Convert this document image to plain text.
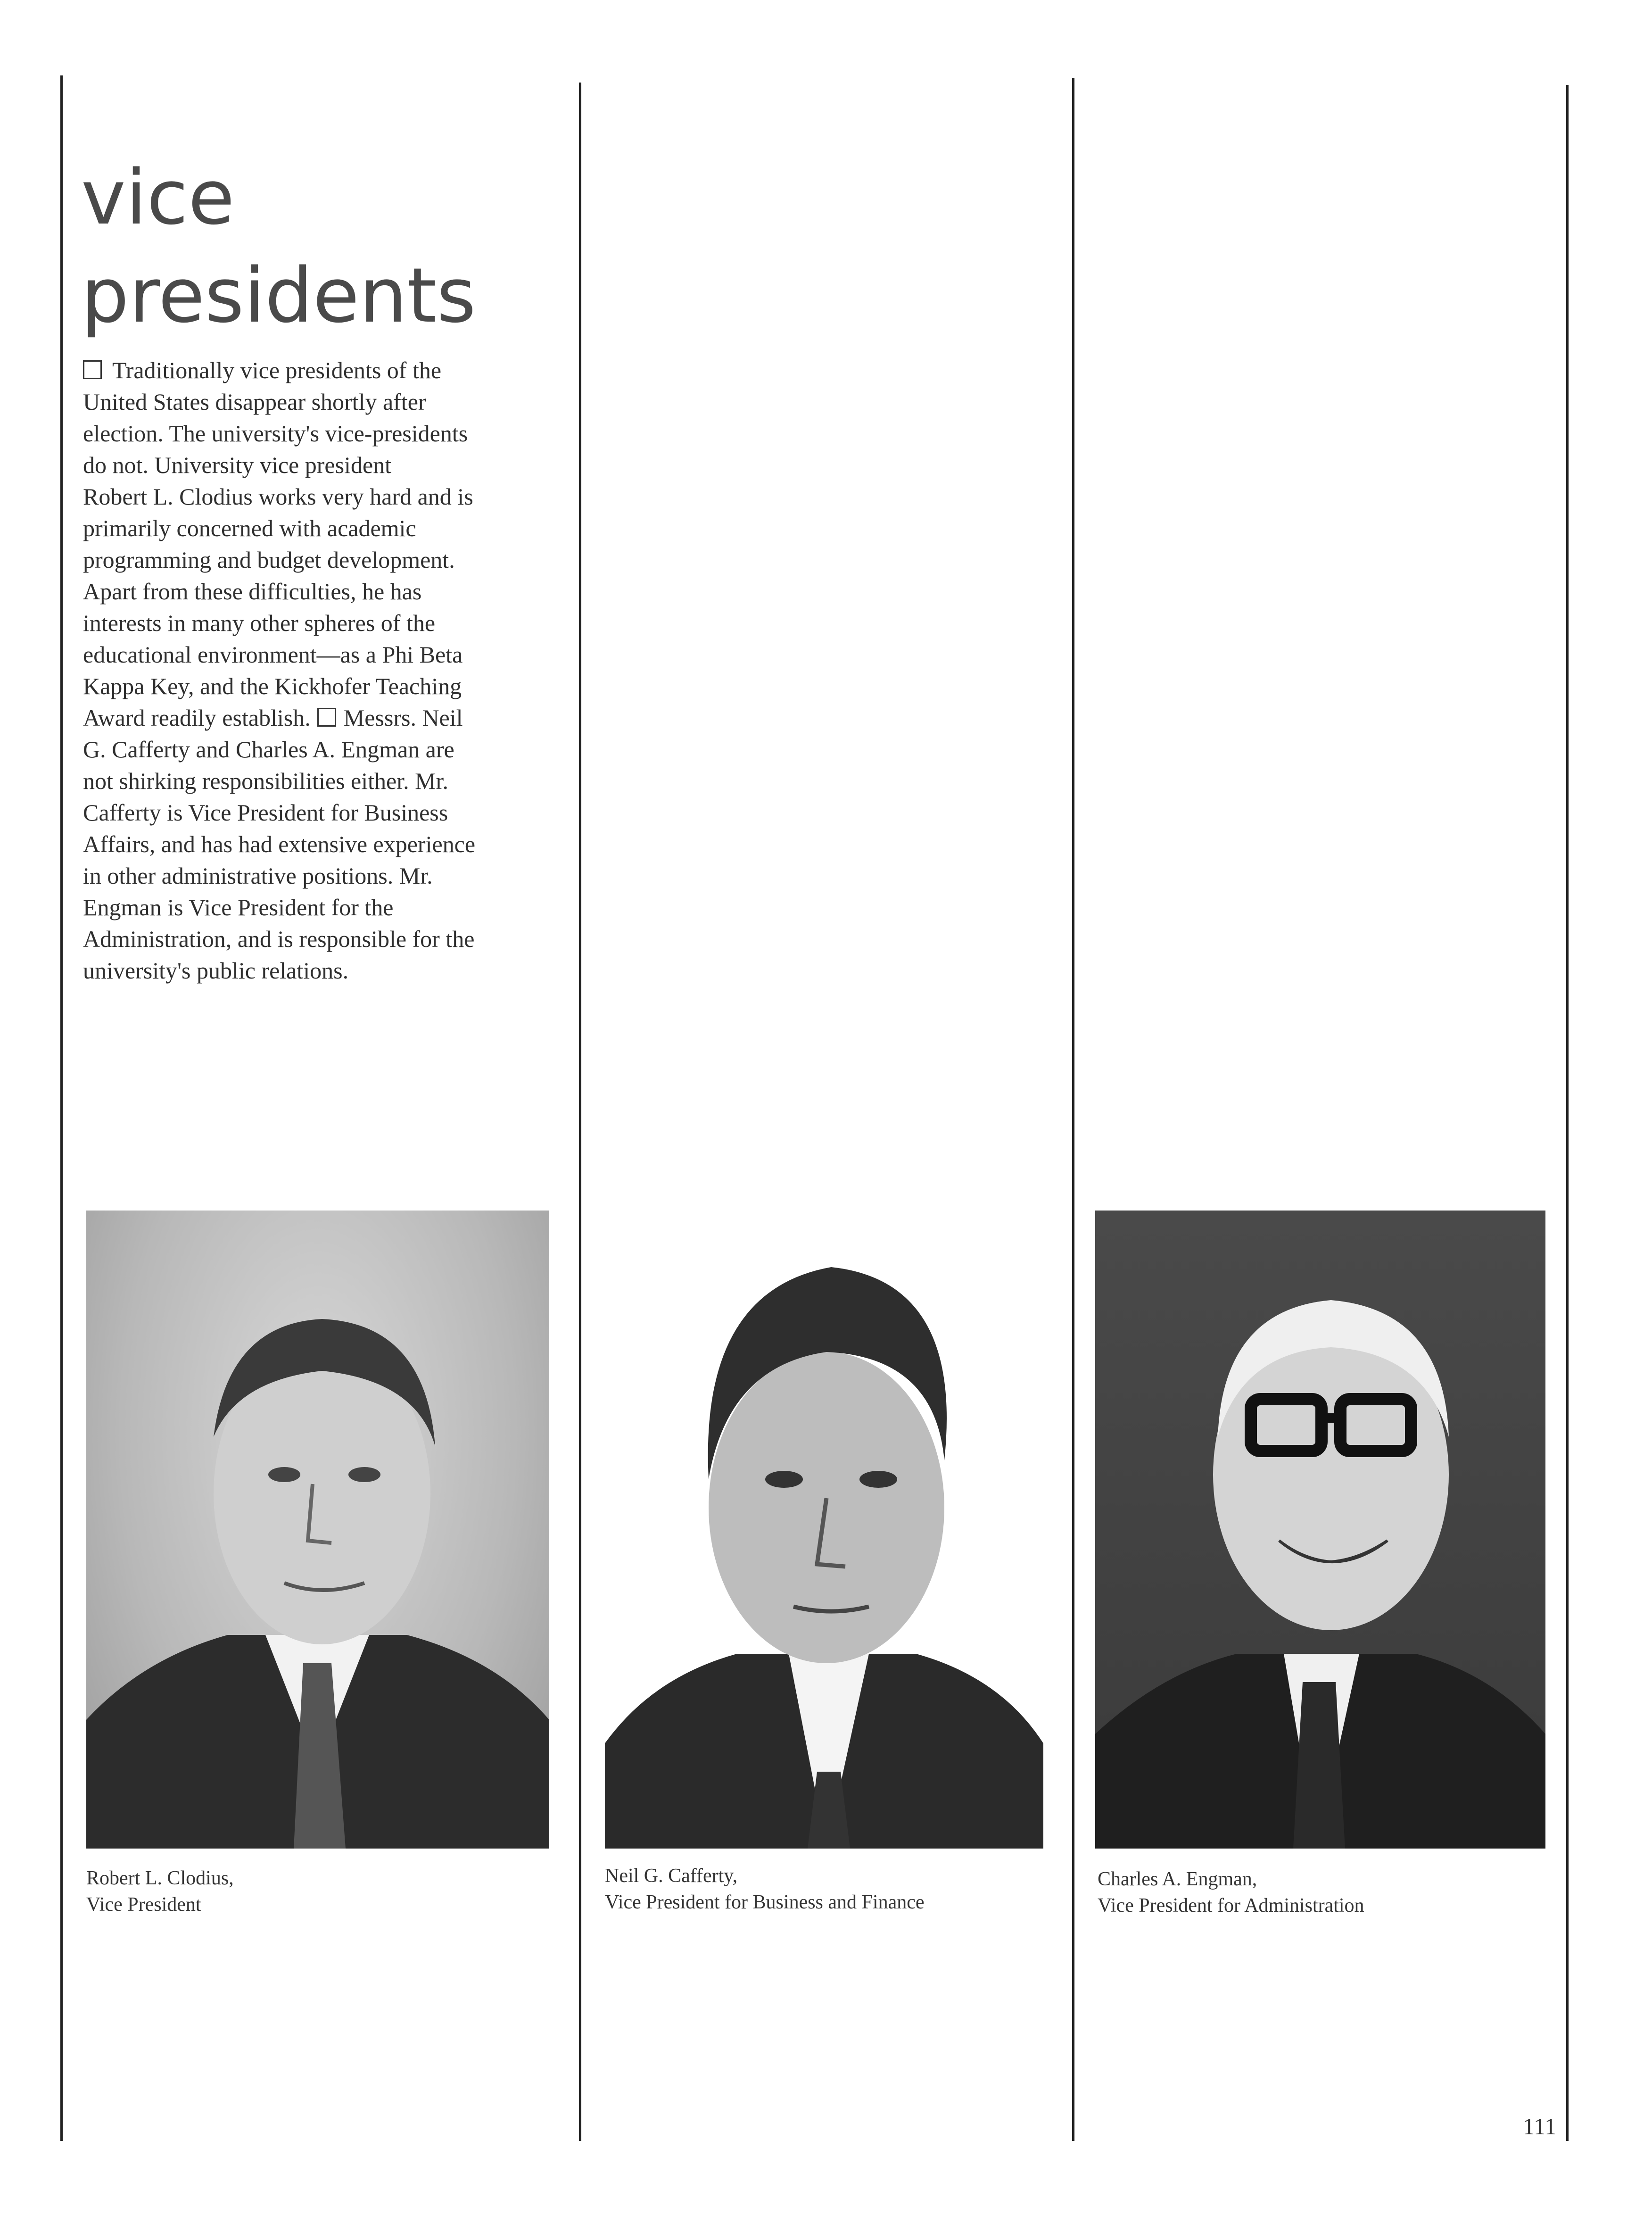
vice
presidents

Traditionally vice presidents of the
United States disappear shortly after
election. The university's vice-presidents
do not. University vice president
Robert L. Clodius works very hard and is
primarily concerned with academic
programming and budget development.
Apart from these difficulties, he has
interests in many other spheres of the
educational environment—as a Phi Beta
Kappa Key, and the Kickhofer Teaching
Award readily establish. Messrs. Neil
G. Cafferty and Charles A. Engman are
not shirking responsibilities either. Mr.
Cafferty is Vice President for Business
Affairs, and has had extensive experience
in other administrative positions. Mr.
Engman is Vice President for the
Administration, and is responsible for the
university's public relations.

Robert L. Clodius,
Vice President

Neil G. Cafferty,
Vice President for Business and Finance

Charles A. Engman,
Vice President for Administration

111
